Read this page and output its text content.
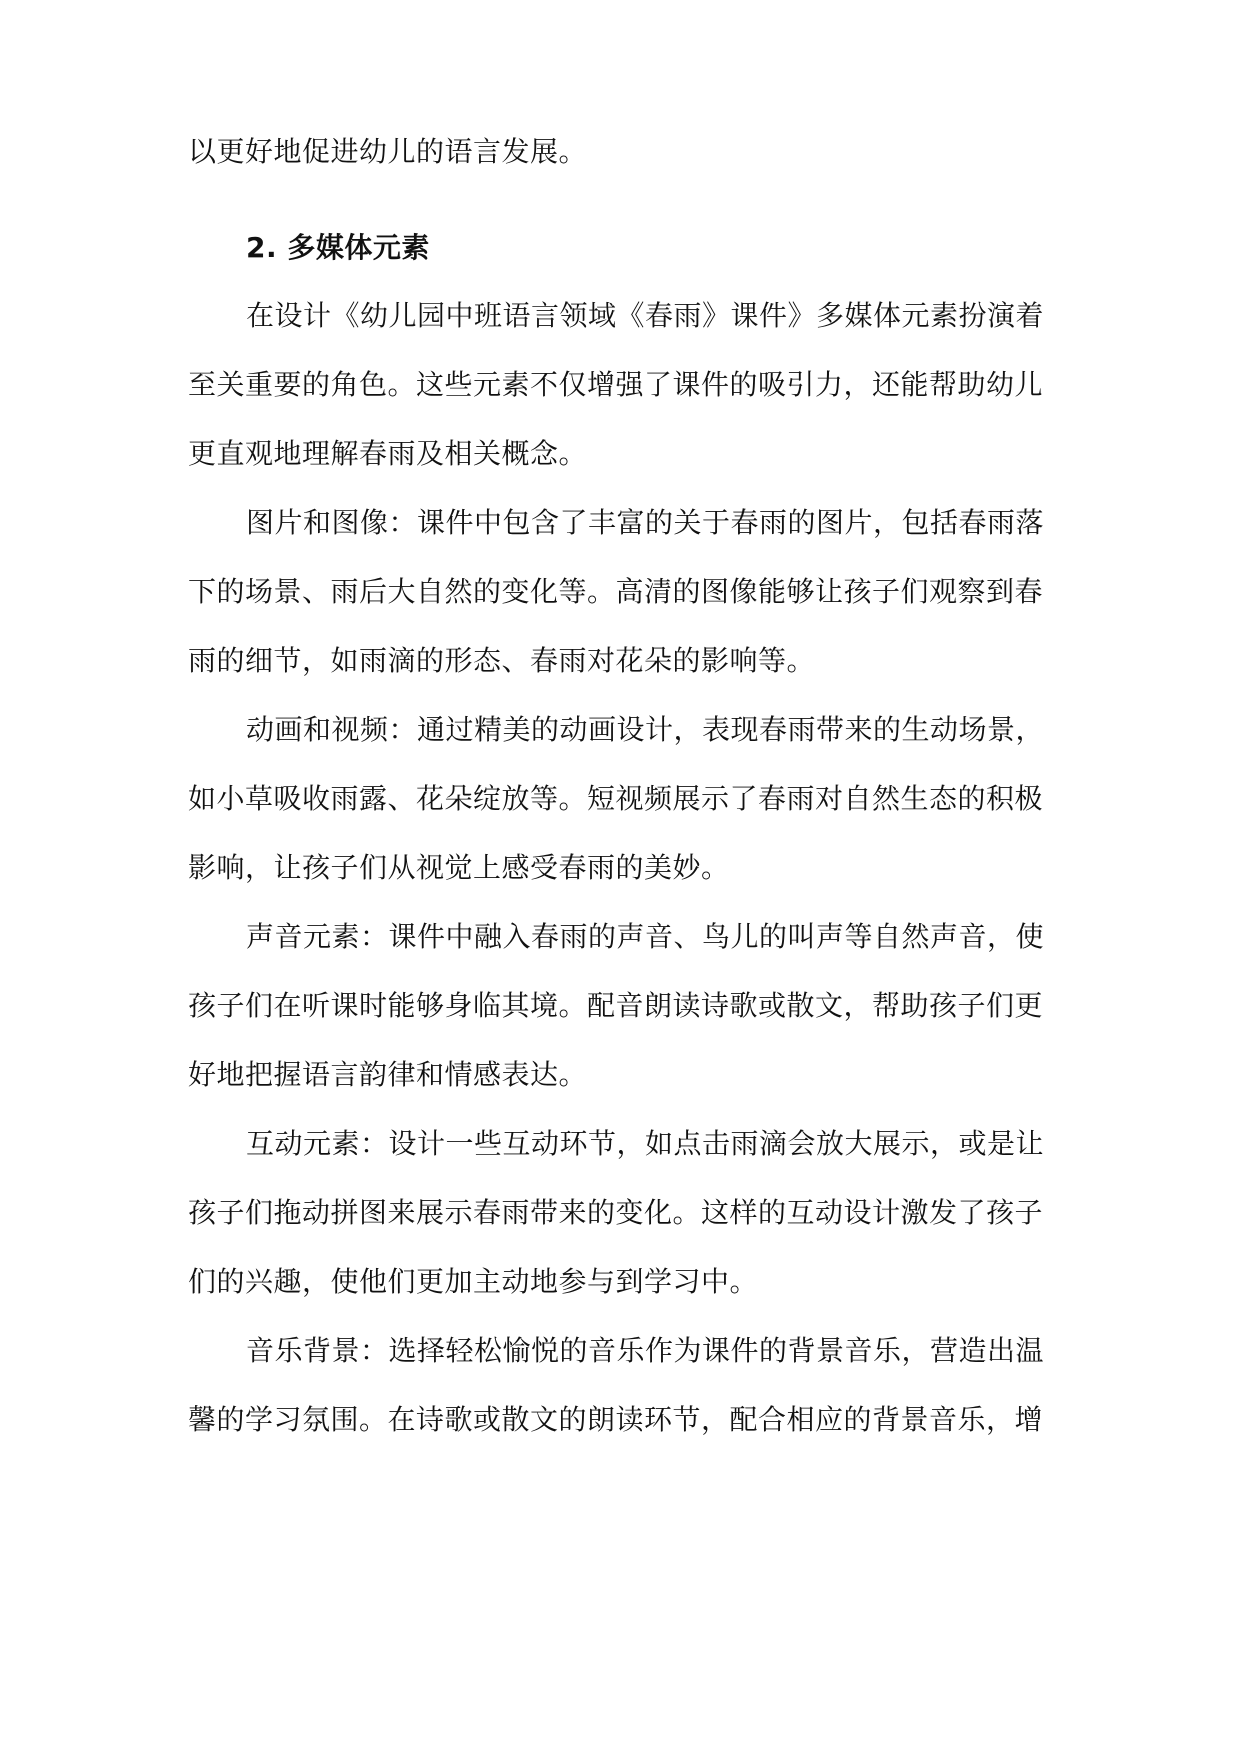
以更好地促进幼儿的语言发展。
2. 多媒体元素
在设计《幼儿园中班语言领域《春雨》课件》多媒体元素扮演着
至关重要的角色。这些元素不仅增强了课件的吸引力，还能帮助幼儿
更直观地理解春雨及相关概念。
图片和图像：课件中包含了丰富的关于春雨的图片，包括春雨落
下的场景、雨后大自然的变化等。高清的图像能够让孩子们观察到春
雨的细节，如雨滴的形态、春雨对花朵的影响等。
动画和视频：通过精美的动画设计，表现春雨带来的生动场景，
如小草吸收雨露、花朵绽放等。短视频展示了春雨对自然生态的积极
影响，让孩子们从视觉上感受春雨的美妙。
声音元素：课件中融入春雨的声音、鸟儿的叫声等自然声音，使
孩子们在听课时能够身临其境。配音朗读诗歌或散文，帮助孩子们更
好地把握语言韵律和情感表达。
互动元素：设计一些互动环节，如点击雨滴会放大展示，或是让
孩子们拖动拼图来展示春雨带来的变化。这样的互动设计激发了孩子
们的兴趣，使他们更加主动地参与到学习中。
音乐背景：选择轻松愉悦的音乐作为课件的背景音乐，营造出温
馨的学习氛围。在诗歌或散文的朗读环节，配合相应的背景音乐，增
